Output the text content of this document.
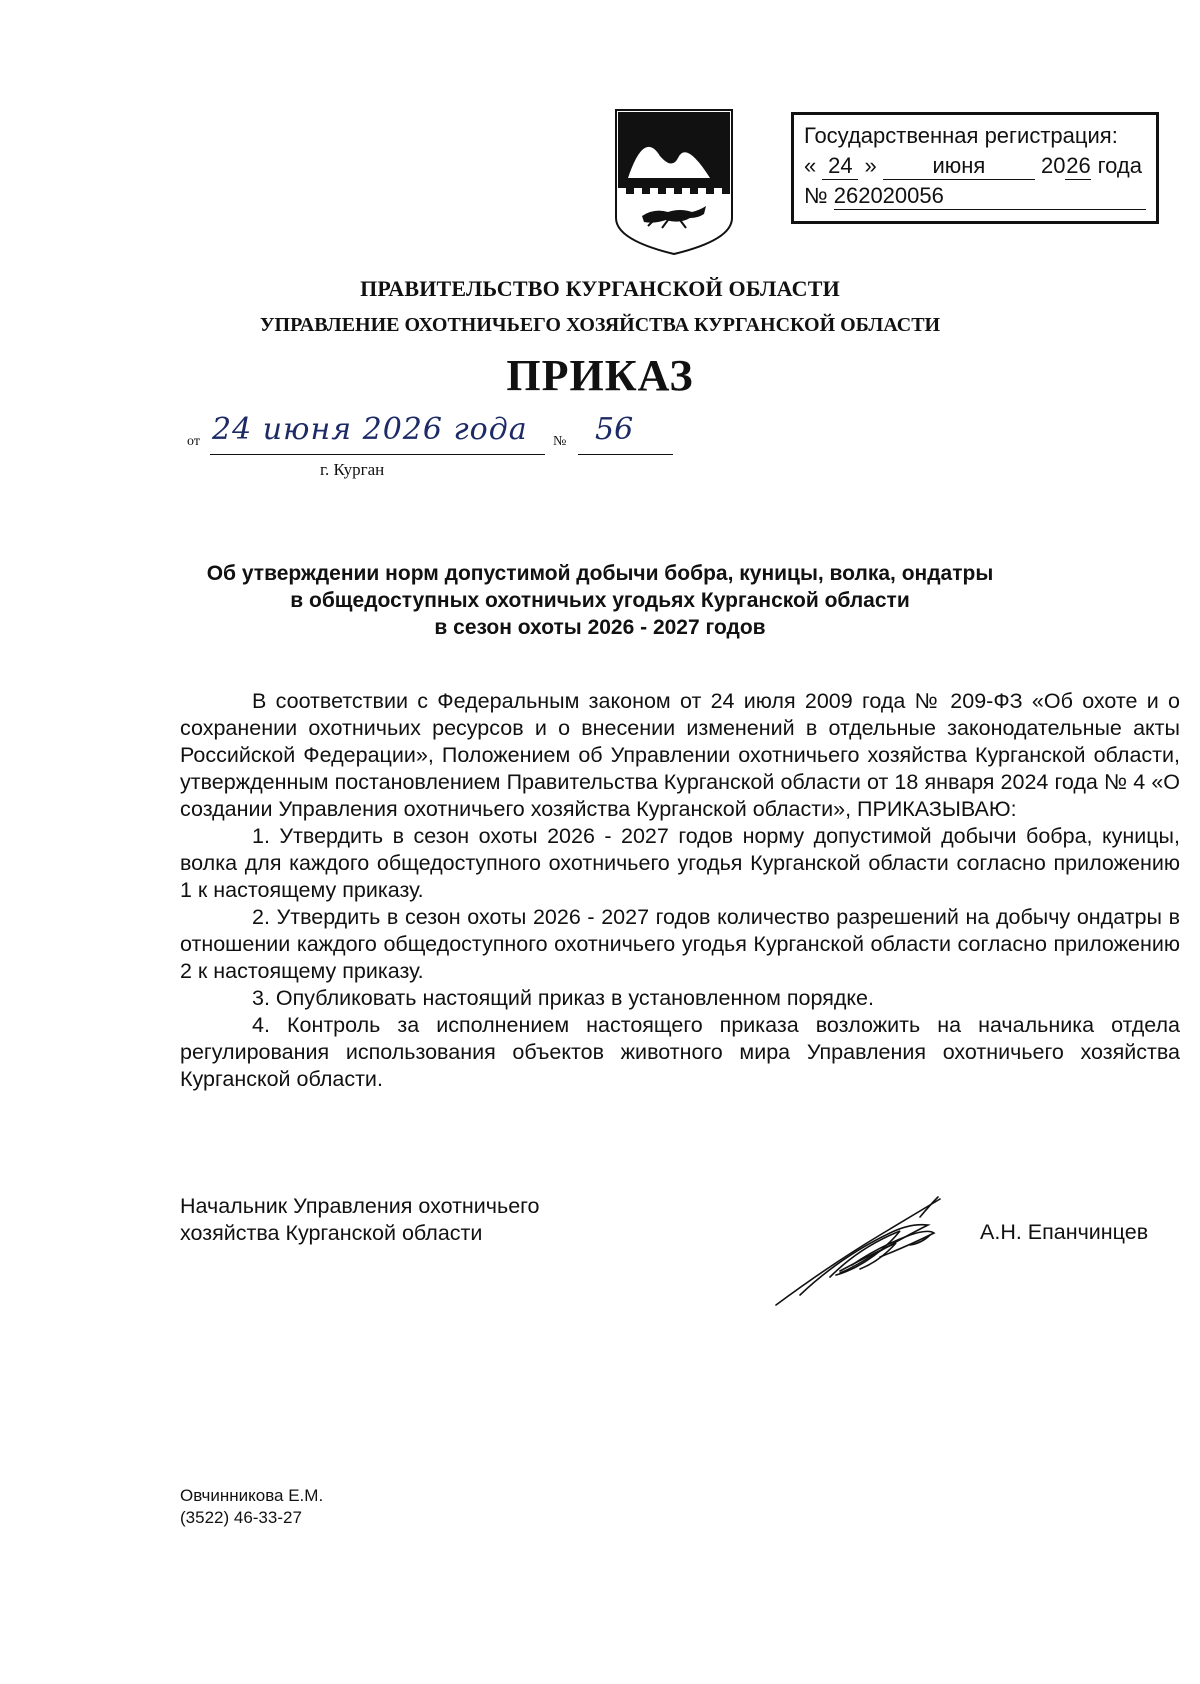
Государственная регистрация:
« 24 »	июня	2026 года
№ 262020056
ПРАВИТЕЛЬСТВО КУРГАНСКОЙ ОБЛАСТИ
УПРАВЛЕНИЕ ОХОТНИЧЬЕГО ХОЗЯЙСТВА КУРГАНСКОЙ ОБЛАСТИ
ПРИКАЗ
от 24 июня 2026 года № 56
г. Курган
Об утверждении норм допустимой добычи бобра, куницы, волка, ондатры
в общедоступных охотничьих угодьях Курганской области
в сезон охоты 2026 - 2027 годов

В соответствии с Федеральным законом от 24 июля 2009 года № 209-ФЗ «Об охоте и о сохранении охотничьих ресурсов и о внесении изменений в отдельные законодательные акты Российской Федерации», Положением об Управлении охотничьего хозяйства Курганской области, утвержденным постановлением Правительства Курганской области от 18 января 2024 года № 4 «О создании Управления охотничьего хозяйства Курганской области», ПРИКАЗЫВАЮ:

1. Утвердить в сезон охоты 2026 - 2027 годов норму допустимой добычи бобра, куницы, волка для каждого общедоступного охотничьего угодья Курганской области согласно приложению 1 к настоящему приказу.

2. Утвердить в сезон охоты 2026 - 2027 годов количество разрешений на добычу ондатры в отношении каждого общедоступного охотничьего угодья Курганской области согласно приложению 2 к настоящему приказу.

3. Опубликовать настоящий приказ в установленном порядке.

4. Контроль за исполнением настоящего приказа возложить на начальника отдела регулирования использования объектов животного мира Управления охотничьего хозяйства Курганской области.

Начальник Управления охотничьего
хозяйства Курганской области	А.Н. Епанчинцев
Овчинникова Е.М.
(3522) 46-33-27
